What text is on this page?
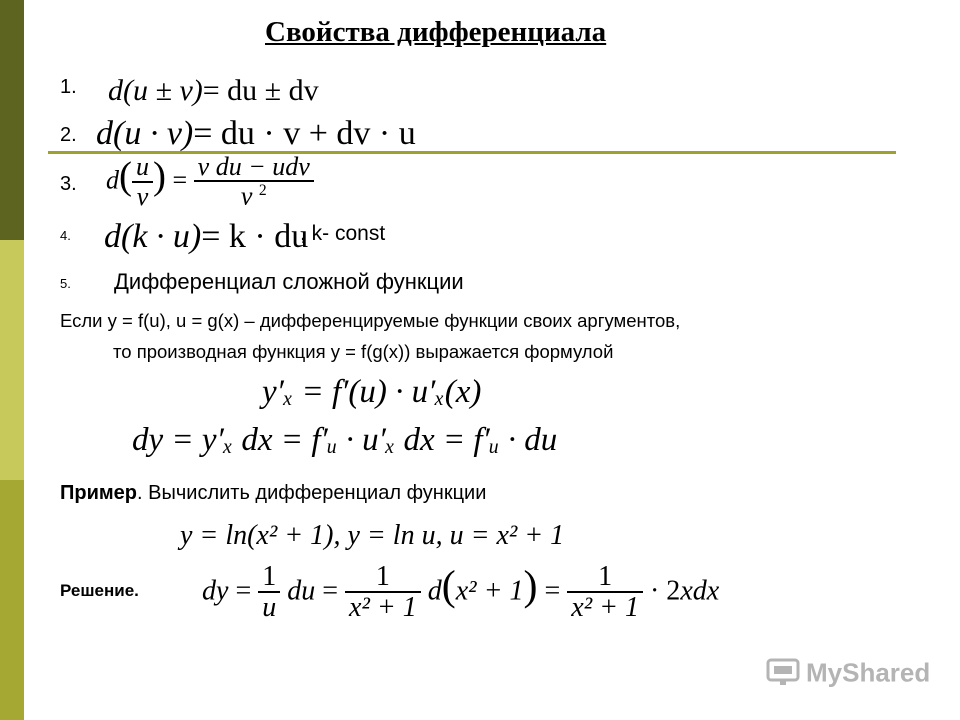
Свойства дифференциала
1. d(u ± v)= du ± dv
2. d(u · v)= du · v + dv · u
3. $d( \frac{u}{v}$ ) = $\frac{\text{v du − udv}}{v ^2}$
4. d(k · u)= k · du
, k- const
5. Дифференциал сложной функции
Если y = f(u), u = g(x) – дифференцируемые функции своих аргументов,
то производная функция y = f(g(x)) выражается формулой
y′ₓ = f′(u) · u′ₓ(x)
dy = y′ₓ dx = f′ᵤ · u′ₓ dx = f′ᵤ · du
Пример. Вычислить дифференциал функции
y = ln(x² + 1), y = ln u, u = x² + 1
Решение. dy = $\frac{1}{u}$ du = $\frac{1}{\text{x² + 1}} d(x^2 + 1) = \frac{1}{\text{x² + 1}} \cdot 2xdx$
MyShared
